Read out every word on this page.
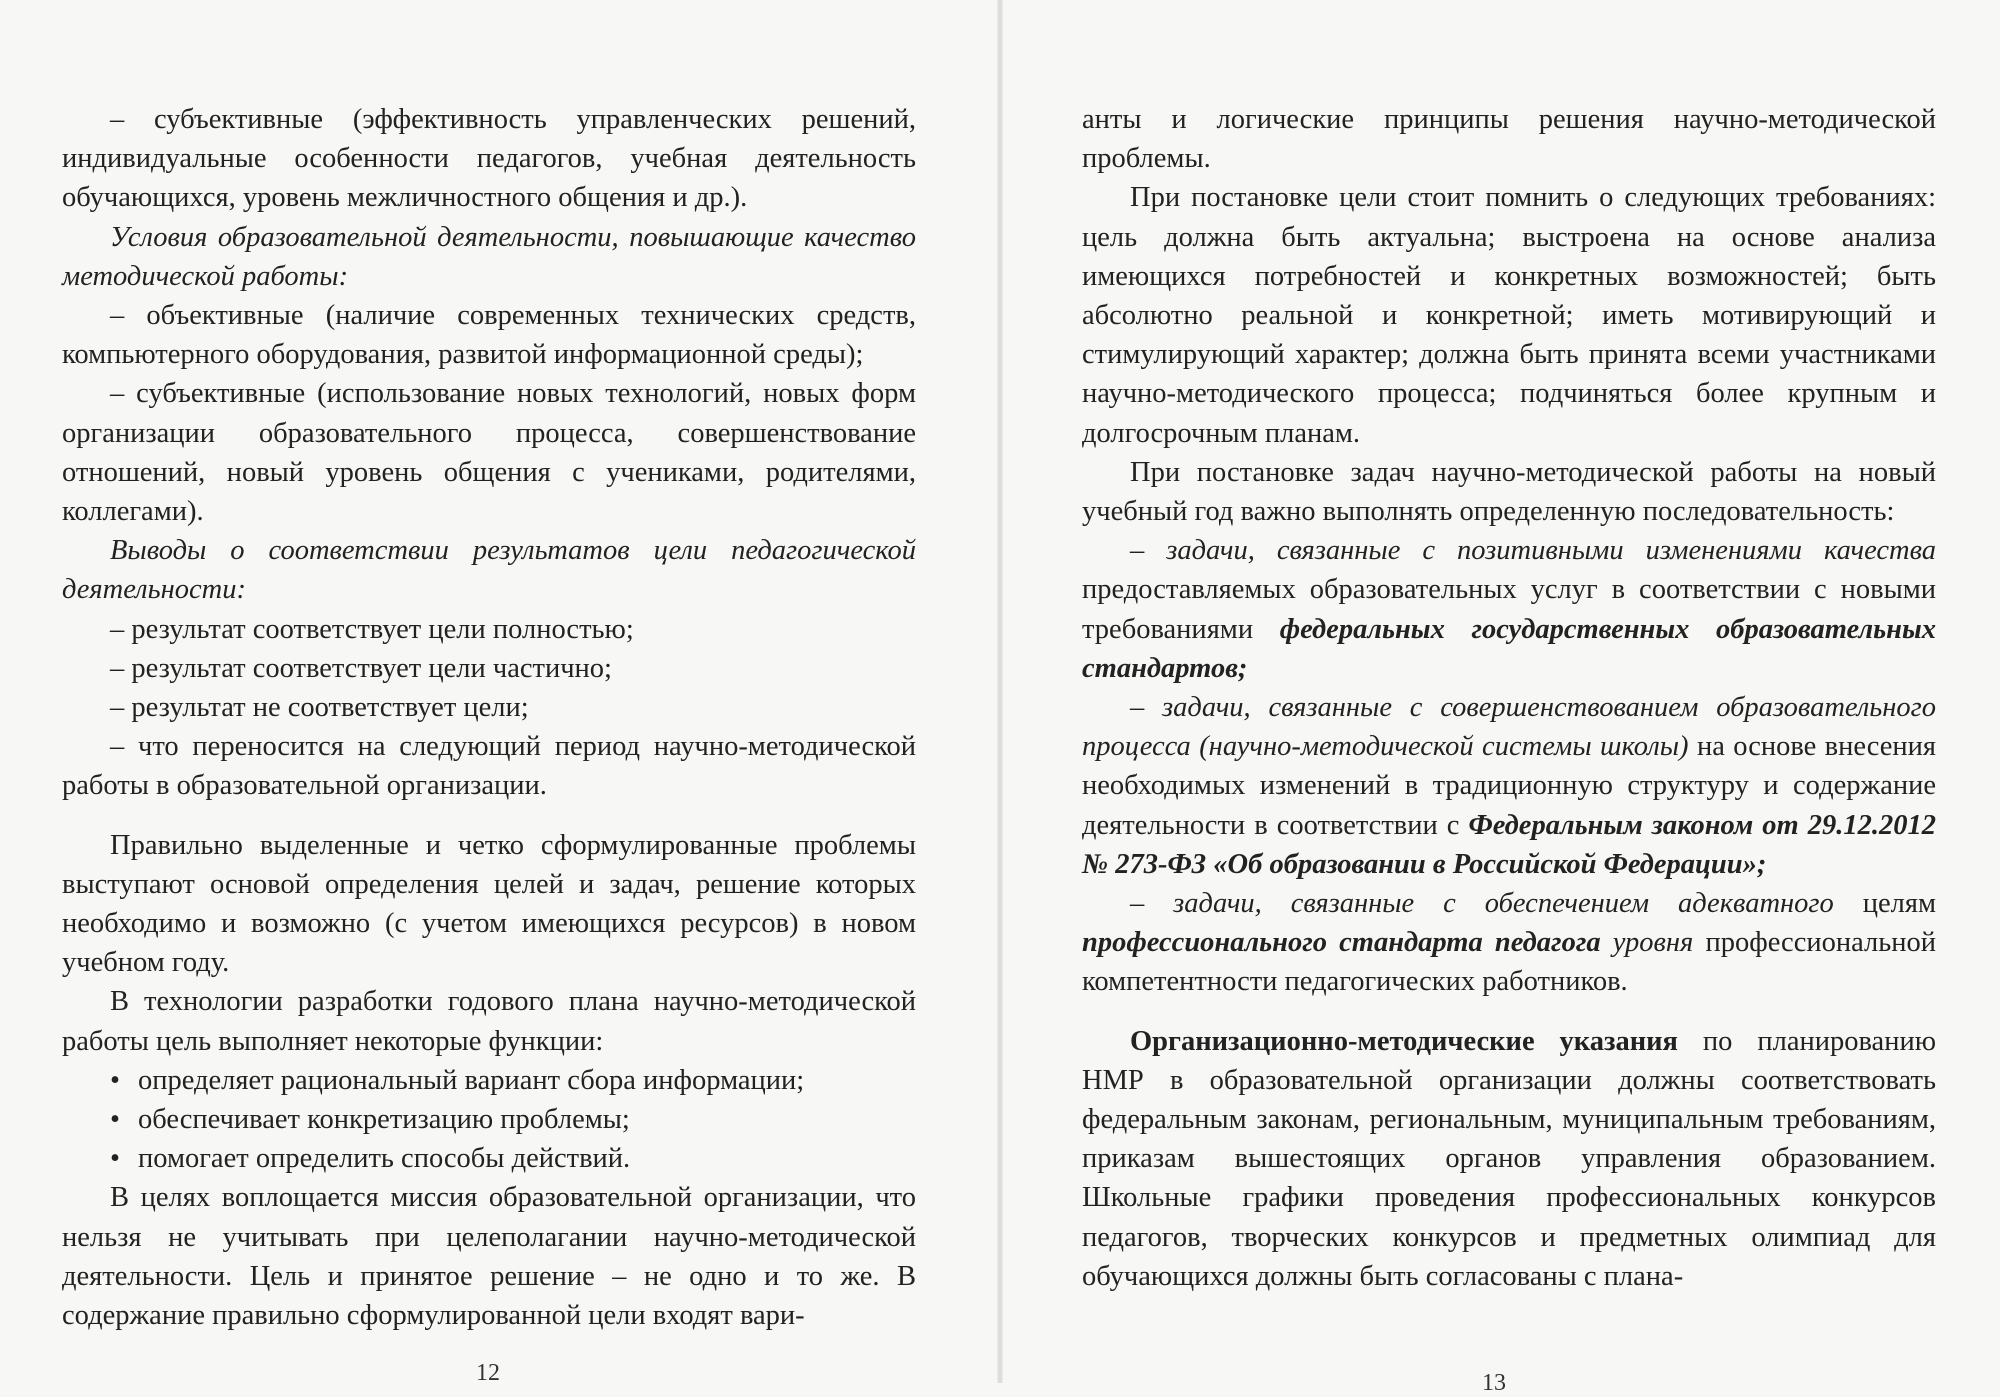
– субъективные (эффективность управленческих решений, индивидуальные особенности педагогов, учебная деятельность обучающихся, уровень межличностного общения и др.).

Условия образовательной деятельности, повышающие качество методической работы:

– объективные (наличие современных технических средств, компьютерного оборудования, развитой информационной среды);

– субъективные (использование новых технологий, новых форм организации образовательного процесса, совершенствование отношений, новый уровень общения с учениками, родителями, коллегами).

Выводы о соответствии результатов цели педагогической деятельности:

– результат соответствует цели полностью;

– результат соответствует цели частично;

– результат не соответствует цели;

– что переносится на следующий период научно-методической работы в образовательной организации.

Правильно выделенные и четко сформулированные проблемы выступают основой определения целей и задач, решение которых необходимо и возможно (с учетом имеющихся ресурсов) в новом учебном году.

В технологии разработки годового плана научно-методической работы цель выполняет некоторые функции:

• определяет рациональный вариант сбора информации;
• обеспечивает конкретизацию проблемы;
• помогает определить способы действий.

В целях воплощается миссия образовательной организации, что нельзя не учитывать при целеполагании научно-методической деятельности. Цель и принятое решение – не одно и то же. В содержание правильно сформулированной цели входят вари-

12

анты и логические принципы решения научно-методической проблемы.

При постановке цели стоит помнить о следующих требованиях: цель должна быть актуальна; выстроена на основе анализа имеющихся потребностей и конкретных возможностей; быть абсолютно реальной и конкретной; иметь мотивирующий и стимулирующий характер; должна быть принята всеми участниками научно-методического процесса; подчиняться более крупным и долгосрочным планам.

При постановке задач научно-методической работы на новый учебный год важно выполнять определенную последовательность:

– задачи, связанные с позитивными изменениями качества предоставляемых образовательных услуг в соответствии с новыми требованиями федеральных государственных образовательных стандартов;

– задачи, связанные с совершенствованием образовательного процесса (научно-методической системы школы) на основе внесения необходимых изменений в традиционную структуру и содержание деятельности в соответствии с Федеральным законом от 29.12.2012 № 273-ФЗ «Об образовании в Российской Федерации»;

– задачи, связанные с обеспечением адекватного целям профессионального стандарта педагога уровня профессиональной компетентности педагогических работников.

Организационно-методические указания по планированию НМР в образовательной организации должны соответствовать федеральным законам, региональным, муниципальным требованиям, приказам вышестоящих органов управления образованием. Школьные графики проведения профессиональных конкурсов педагогов, творческих конкурсов и предметных олимпиад для обучающихся должны быть согласованы с плана-

13
